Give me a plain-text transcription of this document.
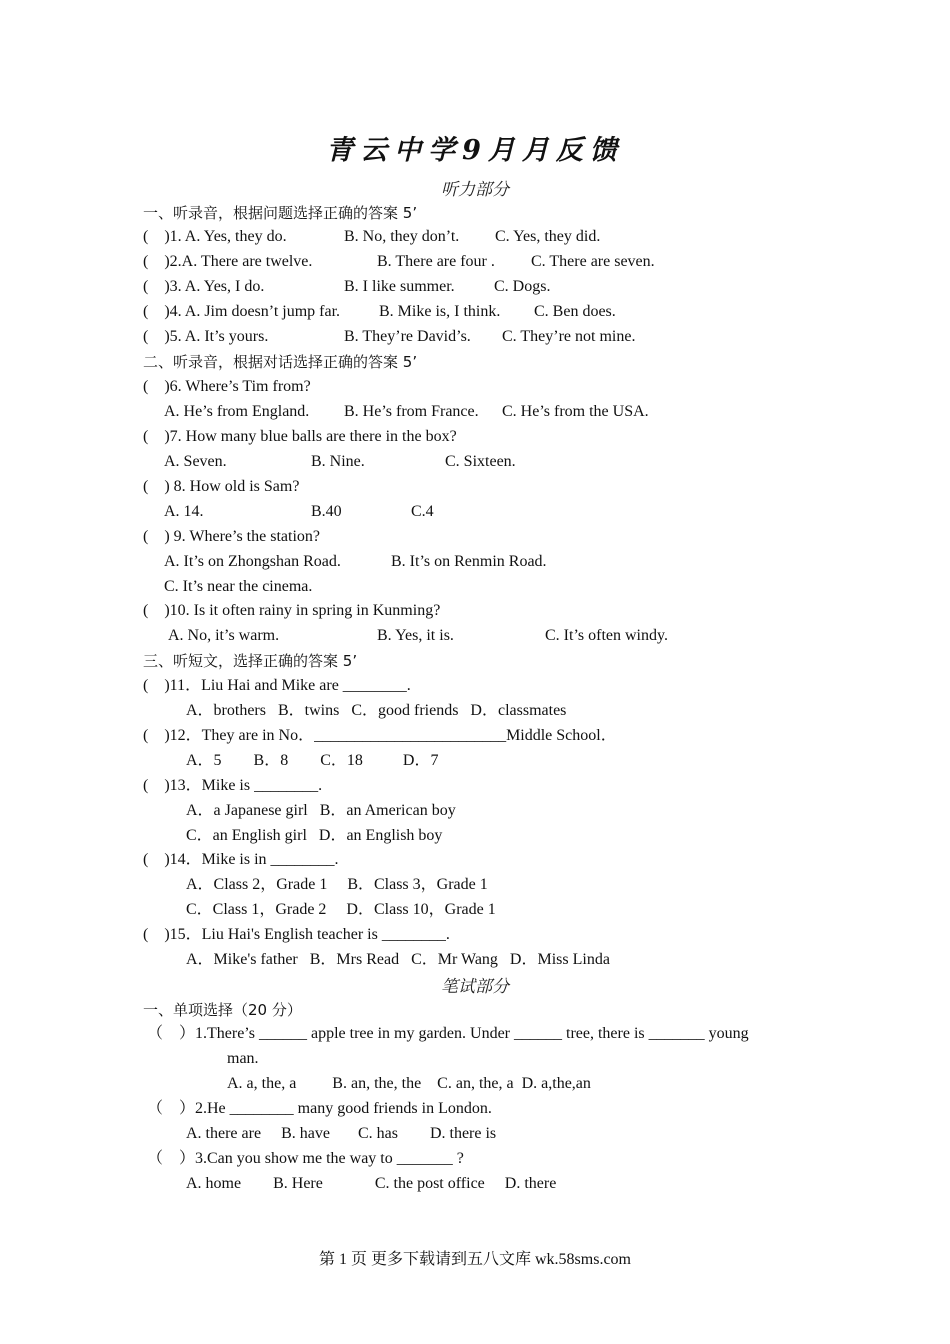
青云中学9月月反馈
听力部分
一、听录音，根据问题选择正确的答案 5’
(    )1. A. Yes, they do.	B. No, they don’t. C. Yes, they did.
(    )2.A. There are twelve.	B. There are four . C. There are seven.
(    )3. A. Yes, I do.	B. I like summer. C. Dogs.
(    )4. A. Jim doesn’t jump far. B. Mike is, I think. C. Ben does.
(    )5. A. It’s yours.	B. They’re David’s. C. They’re not mine.
二、听录音，根据对话选择正确的答案 5’
(    )6. Where’s Tim from?
A. He’s from England. B. He’s from France. C. He’s from the USA.
(    )7. How many blue balls are there in the box?
A. Seven.	B. Nine.	C. Sixteen.
(    ) 8. How old is Sam?
A. 14.	B.40	C.4
(    ) 9. Where’s the station?
A. It’s on Zhongshan Road.	B. It’s on Renmin Road.
C. It’s near the cinema.
(    )10. Is it often rainy in spring in Kunming?
A. No, it’s warm.	B. Yes, it is.	C. It’s often windy.
三、听短文，选择正确的答案 5’
(    )11．Liu Hai and Mike are ________.
A．brothers   B．twins   C．good friends   D．classmates
(    )12．They are in No．________________________Middle School．
A．5        B．8        C．18          D．7
(    )13．Mike is ________.
A．a Japanese girl   B．an American boy
C．an English girl   D．an English boy
(    )14．Mike is in ________.
A．Class 2，Grade 1     B．Class 3，Grade 1
C．Class 1，Grade 2     D．Class 10，Grade 1
(    )15．Liu Hai's English teacher is ________.
A．Mike's father   B．Mrs Read   C．Mr Wang   D．Miss Linda
笔试部分
一、单项选择（20 分）
（    ）1.There’s ______ apple tree in my garden. Under ______ tree, there is _______ young
man.
A. a, the, a         B. an, the, the    C. an, the, a  D. a,the,an
（    ）2.He ________ many good friends in London.
A. there are     B. have       C. has        D. there is
（    ）3.Can you show me the way to _______ ?
A. home        B. Here             C. the post office     D. there
第 1 页 更多下载请到五八文库 wk.58sms.com
